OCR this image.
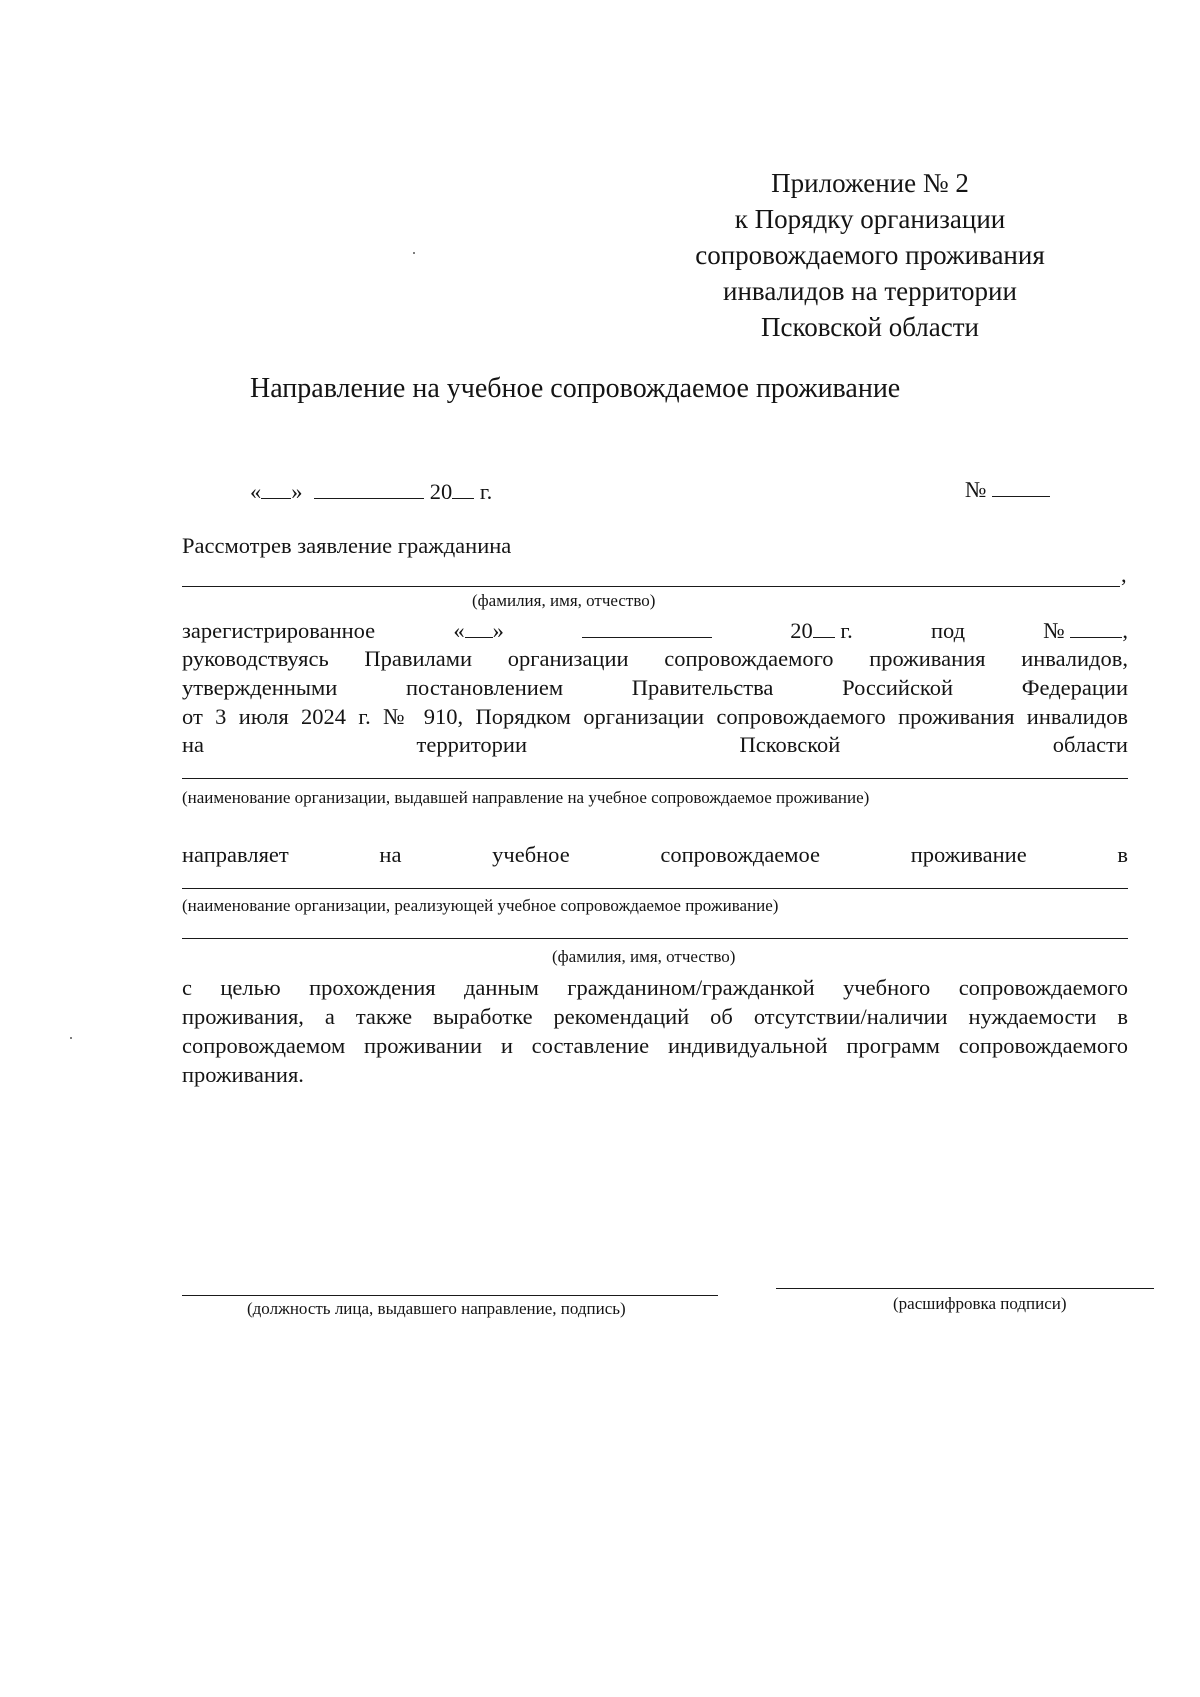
Приложение № 2
к Порядку организации
сопровождаемого проживания
инвалидов на территории
Псковской области
Направление на учебное сопровождаемое проживание
« »	20 г.	№
Рассмотрев заявление гражданина
,
(фамилия, имя, отчество)
зарегистрированное	« »	20 г.	под	№	,
руководствуясь Правилами организации сопровождаемого проживания инвалидов,
утвержденными постановлением Правительства Российской Федерации
от 3 июля 2024 г. № 910, Порядком организации сопровождаемого проживания инвалидов
на	территории	Псковской	области
(наименование организации, выдавшей направление на учебное сопровождаемое проживание)
направляет	на	учебное	сопровождаемое	проживание	в
(наименование организации, реализующей учебное сопровождаемое проживание)
(фамилия, имя, отчество)
с целью прохождения данным гражданином/гражданкой учебного сопровождаемого
проживания, а также выработке рекомендаций об отсутствии/наличии нуждаемости в
сопровождаемом проживании и составление индивидуальной программ сопровождаемого
проживания.
(должность лица, выдавшего направление, подпись)	(расшифровка подписи)
